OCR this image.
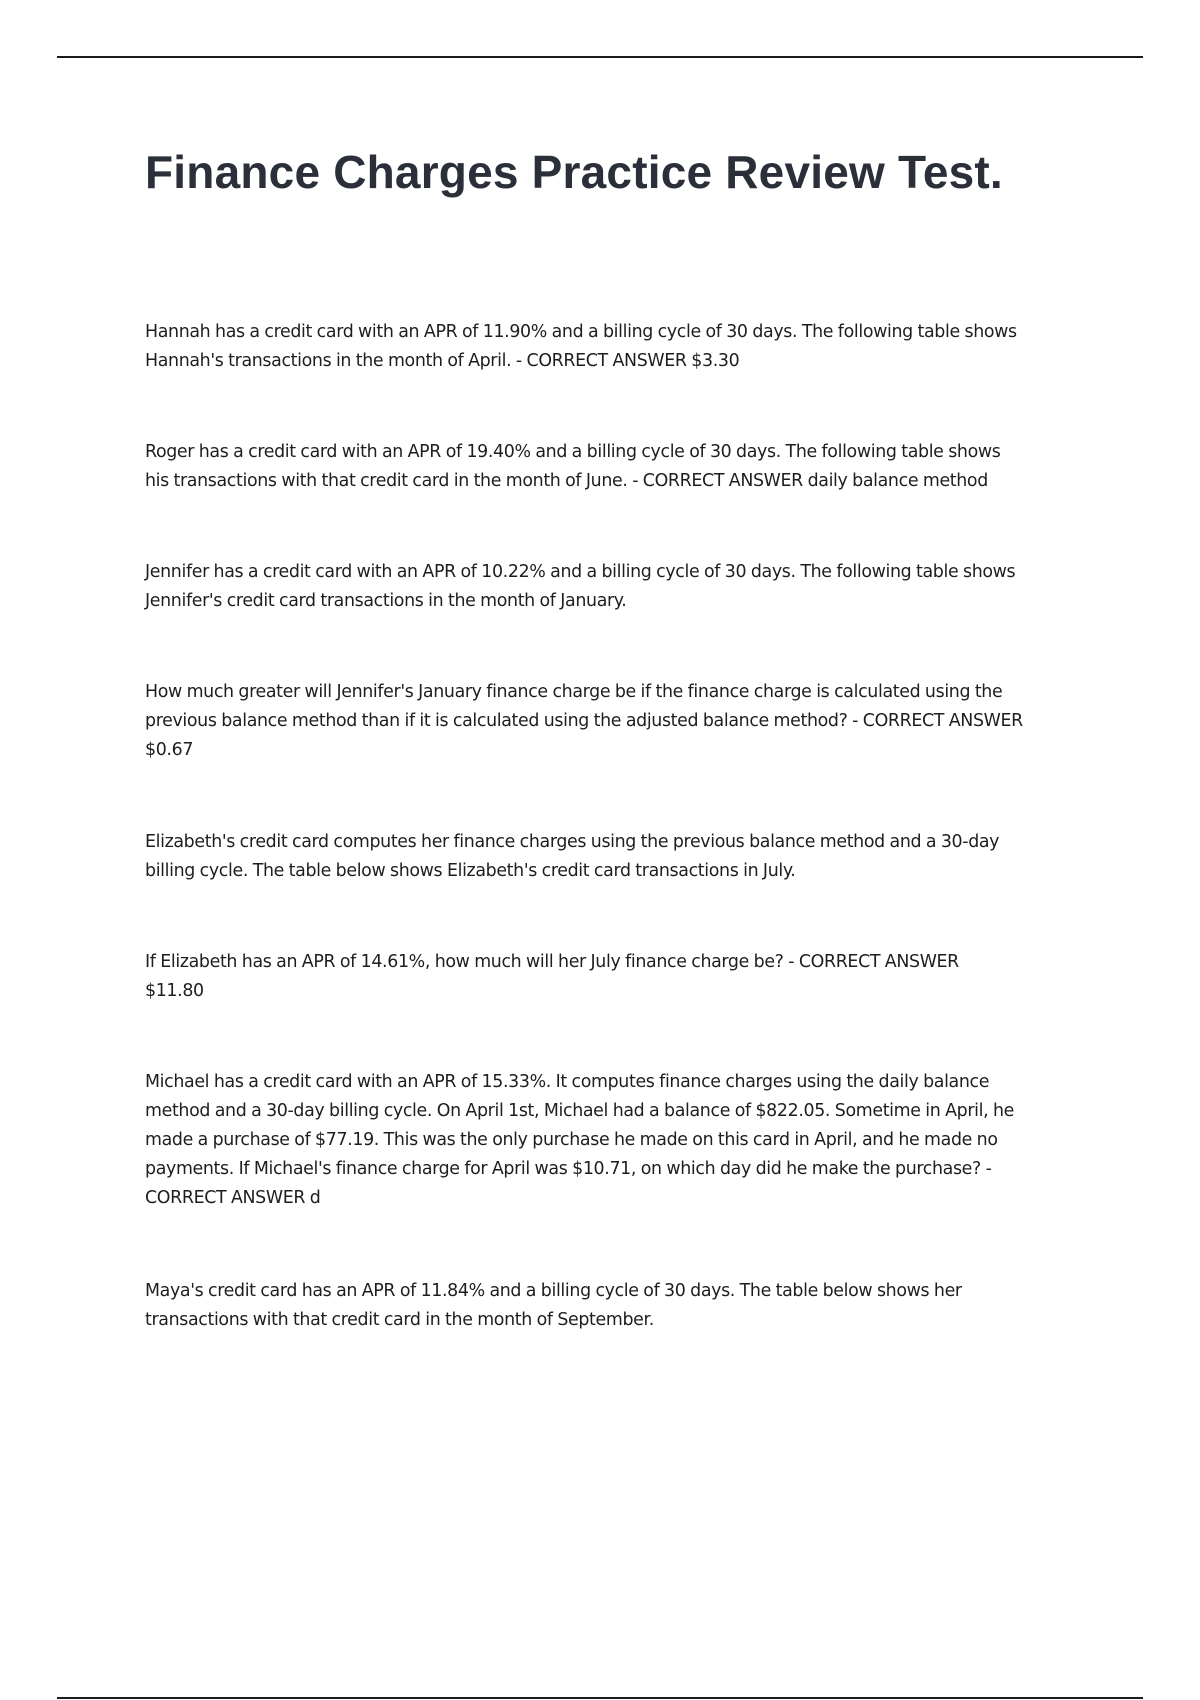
Finance Charges Practice Review Test.

Hannah has a credit card with an APR of 11.90% and a billing cycle of 30 days. The following table shows
Hannah's transactions in the month of April. - CORRECT ANSWER $3.30

Roger has a credit card with an APR of 19.40% and a billing cycle of 30 days. The following table shows
his transactions with that credit card in the month of June. - CORRECT ANSWER daily balance method

Jennifer has a credit card with an APR of 10.22% and a billing cycle of 30 days. The following table shows
Jennifer's credit card transactions in the month of January.

How much greater will Jennifer's January finance charge be if the finance charge is calculated using the
previous balance method than if it is calculated using the adjusted balance method? - CORRECT ANSWER
$0.67

Elizabeth's credit card computes her finance charges using the previous balance method and a 30-day
billing cycle. The table below shows Elizabeth's credit card transactions in July.

If Elizabeth has an APR of 14.61%, how much will her July finance charge be? - CORRECT ANSWER
$11.80

Michael has a credit card with an APR of 15.33%. It computes finance charges using the daily balance
method and a 30-day billing cycle. On April 1st, Michael had a balance of $822.05. Sometime in April, he
made a purchase of $77.19. This was the only purchase he made on this card in April, and he made no
payments. If Michael's finance charge for April was $10.71, on which day did he make the purchase? -
CORRECT ANSWER d

Maya's credit card has an APR of 11.84% and a billing cycle of 30 days. The table below shows her
transactions with that credit card in the month of September.
